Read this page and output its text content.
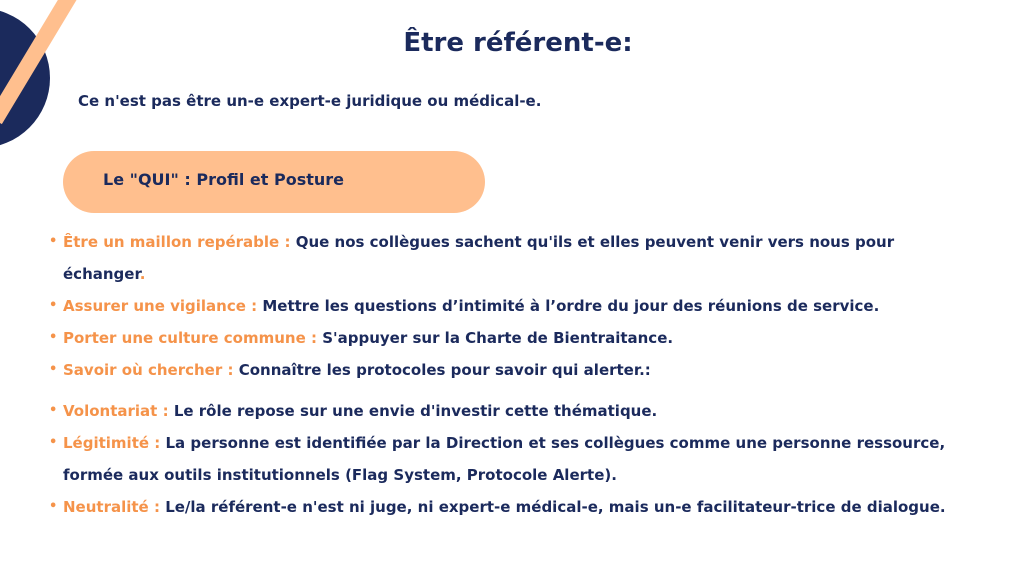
Être référent-e:

Ce n'est pas être un-e expert-e juridique ou médical-e.

Le "QUI" : Profil et Posture
• Être un maillon repérable : Que nos collègues sachent qu'ils et elles peuvent venir vers nous pour
échanger.
• Assurer une vigilance : Mettre les questions d’intimité à l’ordre du jour des réunions de service.
• Porter une culture commune : S'appuyer sur la Charte de Bientraitance.
• Savoir où chercher : Connaître les protocoles pour savoir qui alerter.:
• Volontariat : Le rôle repose sur une envie d'investir cette thématique.
• Légitimité : La personne est identifiée par la Direction et ses collègues comme une personne ressource,
formée aux outils institutionnels (Flag System, Protocole Alerte).
• Neutralité : Le/la référent-e n'est ni juge, ni expert-e médical-e, mais un-e facilitateur-trice de dialogue.
